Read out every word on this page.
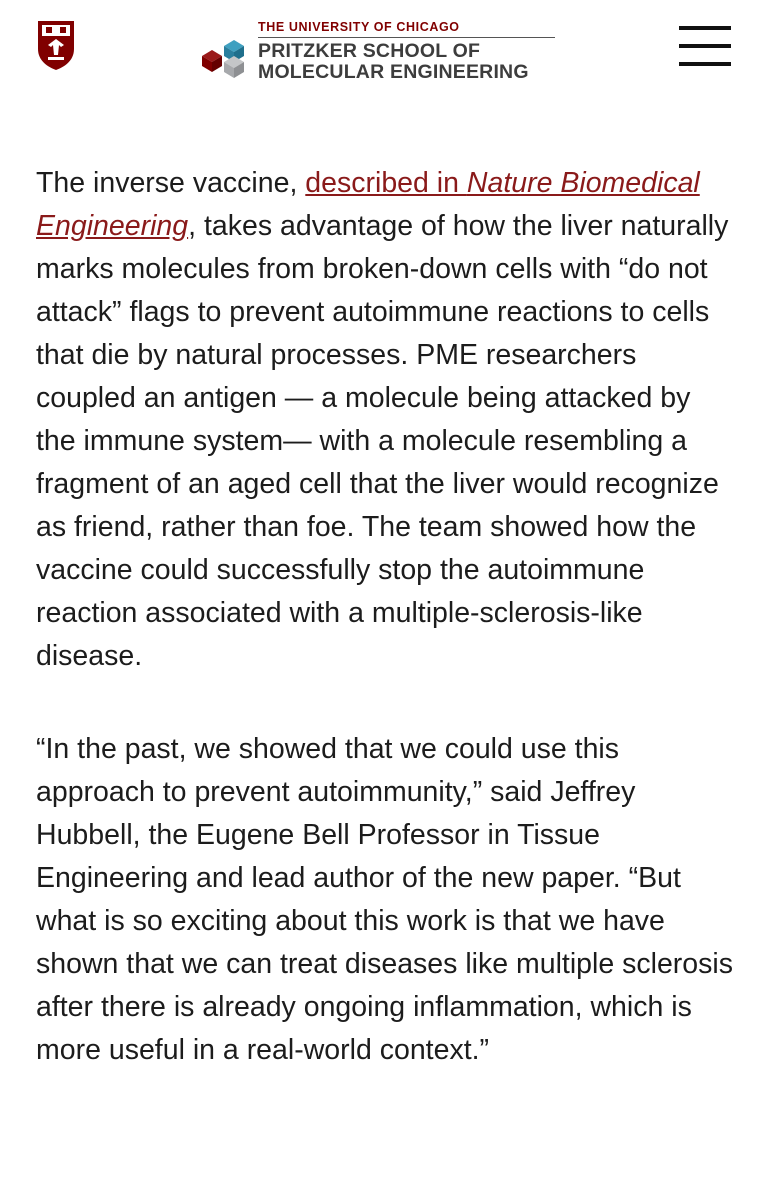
THE UNIVERSITY OF CHICAGO
PRITZKER SCHOOL OF
MOLECULAR ENGINEERING

The inverse vaccine, described in Nature Biomedical Engineering, takes advantage of how the liver naturally marks molecules from broken-down cells with “do not attack” flags to prevent autoimmune reactions to cells that die by natural processes. PME researchers coupled an antigen — a molecule being attacked by the immune system— with a molecule resembling a fragment of an aged cell that the liver would recognize as friend, rather than foe. The team showed how the vaccine could successfully stop the autoimmune reaction associated with a multiple-sclerosis-like disease.

“In the past, we showed that we could use this approach to prevent autoimmunity,” said Jeffrey Hubbell, the Eugene Bell Professor in Tissue Engineering and lead author of the new paper. “But what is so exciting about this work is that we have shown that we can treat diseases like multiple sclerosis after there is already ongoing inflammation, which is more useful in a real-world context.”
